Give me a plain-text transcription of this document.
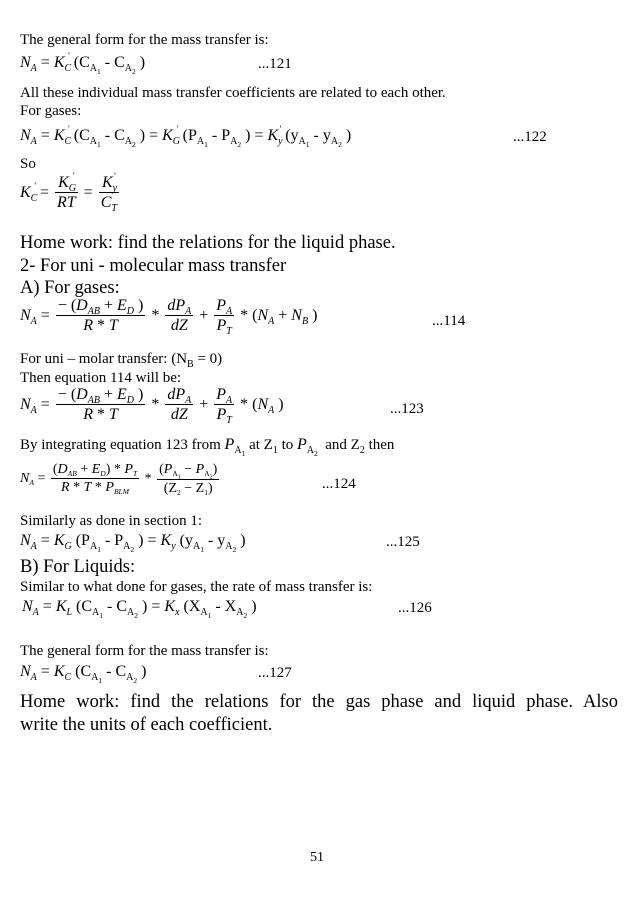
The general form for the mass transfer is:
$N_A = K_C'$ ($C_{A_1} - C_{A_2}$ )	...121
All these individual mass transfer coefficients are related to each other.
For gases:
$N_A = K_C'$ ($C_{A_1} - C_{A_2}$ ) = $K_G'$ ($P_{A_1} - P_{A_2}$ ) = $K_y'$ ($y_{A_1} - y_{A_2}$ )	...122
So
$K_C' = \frac{K_G'}{RT} = \frac{K_y'}{C_T}$
Home work: find the relations for the liquid phase.
2- For uni - molecular mass transfer
A) For gases:
$N_A = \frac{- (D_{AB} + E_D )}{R * T} * \frac{dP_A}{dZ} + \frac{P_A}{P_T} * (N_A + N_B$ )	...114
For uni – molar transfer: $(N_B = 0)$
Then equation 114 will be:
$N_A = \frac{- (D_{AB} + E_D )}{R * T} * \frac{dP_A}{dZ} + \frac{P_A}{P_T} * (N_A$ )	...123
By integrating equation 123 from $P_{A_1}$ at $Z_1$ to $P_{A_2}$  and $Z_2$ then
$N_A = \frac{(D_{AB} + E_D) * P_T}{R * T * P_{BLM}} * \frac{(P_{A_1} - P_{A_2})}{(Z_2 - Z_1)}$	...124
Similarly as done in section 1:
$N_A = K_G$ ($P_{A_1} - P_{A_2}$ ) = $K_y$ ($y_{A_1} - y_{A_2}$ )	...125
B) For Liquids:
Similar to what done for gases, the rate of mass transfer is:
$N_A = K_L$ ($C_{A_1} - C_{A_2}$ ) = $K_x$ ($X_{A_1} - X_{A_2}$ )	...126
The general form for the mass transfer is:
$N_A = K_C$ ($C_{A_1} - C_{A_2}$ )	...127
Home work: find the relations for the gas phase and liquid phase. Also
write the units of each coefficient.
51
